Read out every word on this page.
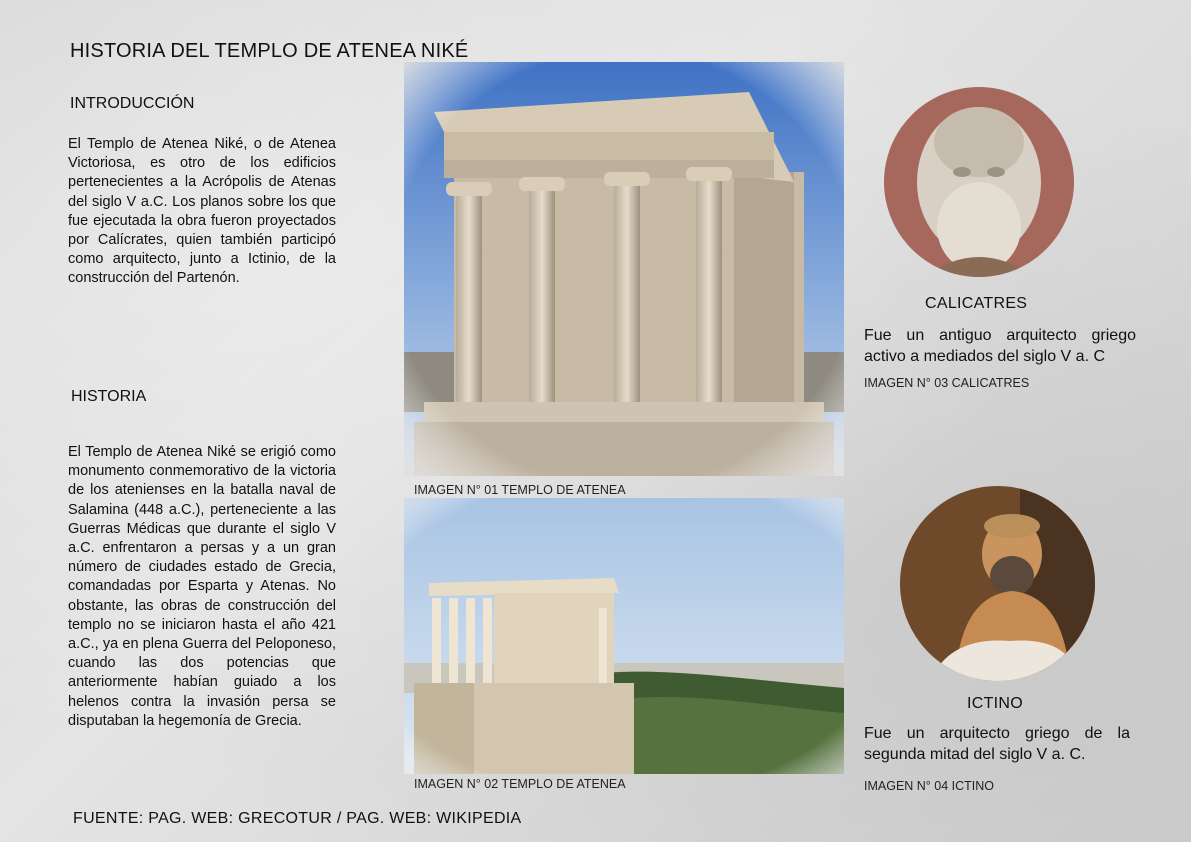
HISTORIA DEL TEMPLO DE ATENEA NIKÉ
INTRODUCCIÓN
El Templo de Atenea Niké, o de Atenea Victoriosa, es otro de los edificios pertenecientes a la Acrópolis de Atenas del siglo V a.C. Los planos sobre los que fue ejecutada la obra fueron proyectados por Calícrates, quien también participó como arquitecto, junto a Ictinio, de la construcción del Partenón.
HISTORIA
El Templo de Atenea Niké se erigió como monumento conmemorativo de la victoria de los atenienses en la batalla naval de Salamina (448 a.C.), perteneciente a las Guerras Médicas que durante el siglo V a.C. enfrentaron a persas y a un gran número de ciudades estado de Grecia, comandadas por Esparta y Atenas. No obstante, las obras de construcción del templo no se iniciaron hasta el año 421 a.C., ya en plena Guerra del Peloponeso, cuando las dos potencias que anteriormente habían guiado a los helenos contra la invasión persa se disputaban la hegemonía de Grecia.
IMAGEN N° 01 TEMPLO DE ATENEA
IMAGEN N° 02 TEMPLO DE ATENEA
CALICATRES
Fue un antiguo arquitecto griego activo a mediados del siglo V a. C
IMAGEN N° 03 CALICATRES
ICTINO
Fue un arquitecto griego de la segunda mitad del siglo V a. C.
IMAGEN N° 04 ICTINO
FUENTE: PAG. WEB: GRECOTUR / PAG. WEB: WIKIPEDIA
